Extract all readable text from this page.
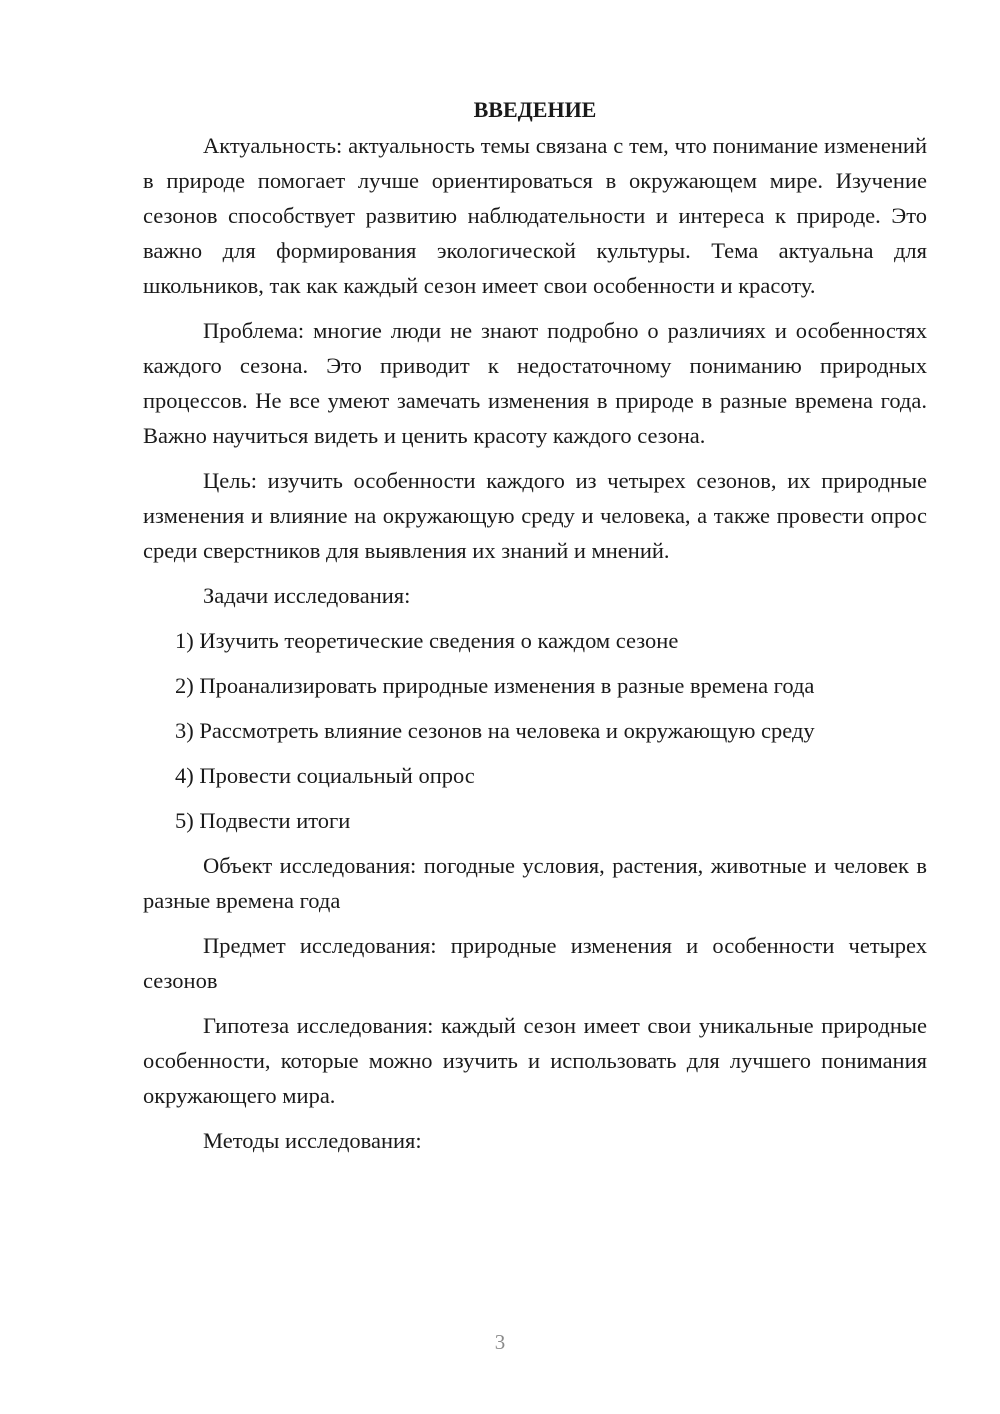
ВВЕДЕНИЕ

Актуальность: актуальность темы связана с тем, что понимание изменений в природе помогает лучше ориентироваться в окружающем мире. Изучение сезонов способствует развитию наблюдательности и интереса к природе. Это важно для формирования экологической культуры. Тема актуальна для школьников, так как каждый сезон имеет свои особенности и красоту.

Проблема: многие люди не знают подробно о различиях и особенностях каждого сезона. Это приводит к недостаточному пониманию природных процессов. Не все умеют замечать изменения в природе в разные времена года. Важно научиться видеть и ценить красоту каждого сезона.

Цель: изучить особенности каждого из четырех сезонов, их природные изменения и влияние на окружающую среду и человека, а также провести опрос среди сверстников для выявления их знаний и мнений.

Задачи исследования:

1) Изучить теоретические сведения о каждом сезоне
2) Проанализировать природные изменения в разные времена года
3) Рассмотреть влияние сезонов на человека и окружающую среду
4) Провести социальный опрос
5) Подвести итоги

Объект исследования: погодные условия, растения, животные и человек в разные времена года

Предмет исследования: природные изменения и особенности четырех сезонов

Гипотеза исследования: каждый сезон имеет свои уникальные природные особенности, которые можно изучить и использовать для лучшего понимания окружающего мира.

Методы исследования:

3
